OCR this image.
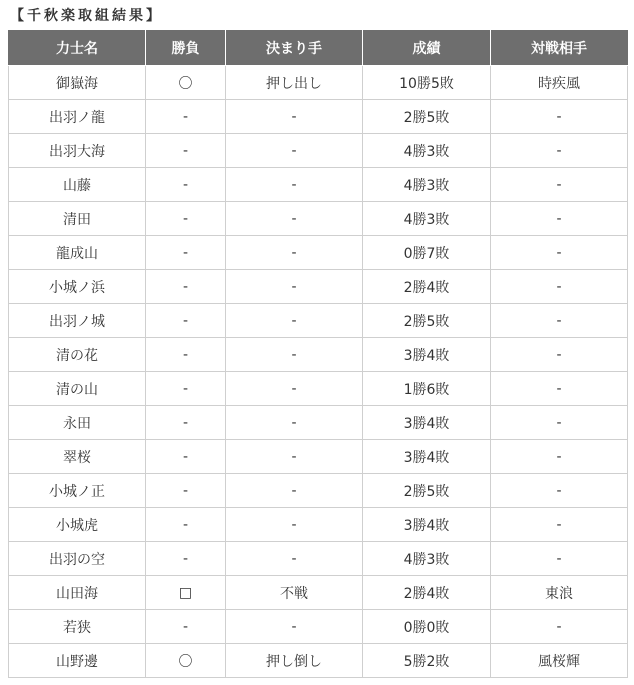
【千秋楽取組結果】
力士名	勝負	決まり手	成績	対戦相手
御嶽海	〇	押し出し	10勝5敗	時疾風
出羽ノ龍	-	-	2勝5敗	-
出羽大海	-	-	4勝3敗	-
山藤	-	-	4勝3敗	-
清田	-	-	4勝3敗	-
龍成山	-	-	0勝7敗	-
小城ノ浜	-	-	2勝4敗	-
出羽ノ城	-	-	2勝5敗	-
清の花	-	-	3勝4敗	-
清の山	-	-	1勝6敗	-
永田	-	-	3勝4敗	-
翠桜	-	-	3勝4敗	-
小城ノ正	-	-	2勝5敗	-
小城虎	-	-	3勝4敗	-
出羽の空	-	-	4勝3敗	-
山田海	□	不戦	2勝4敗	東浪
若狭	-	-	0勝0敗	-
山野邊	〇	押し倒し	5勝2敗	風桜輝
